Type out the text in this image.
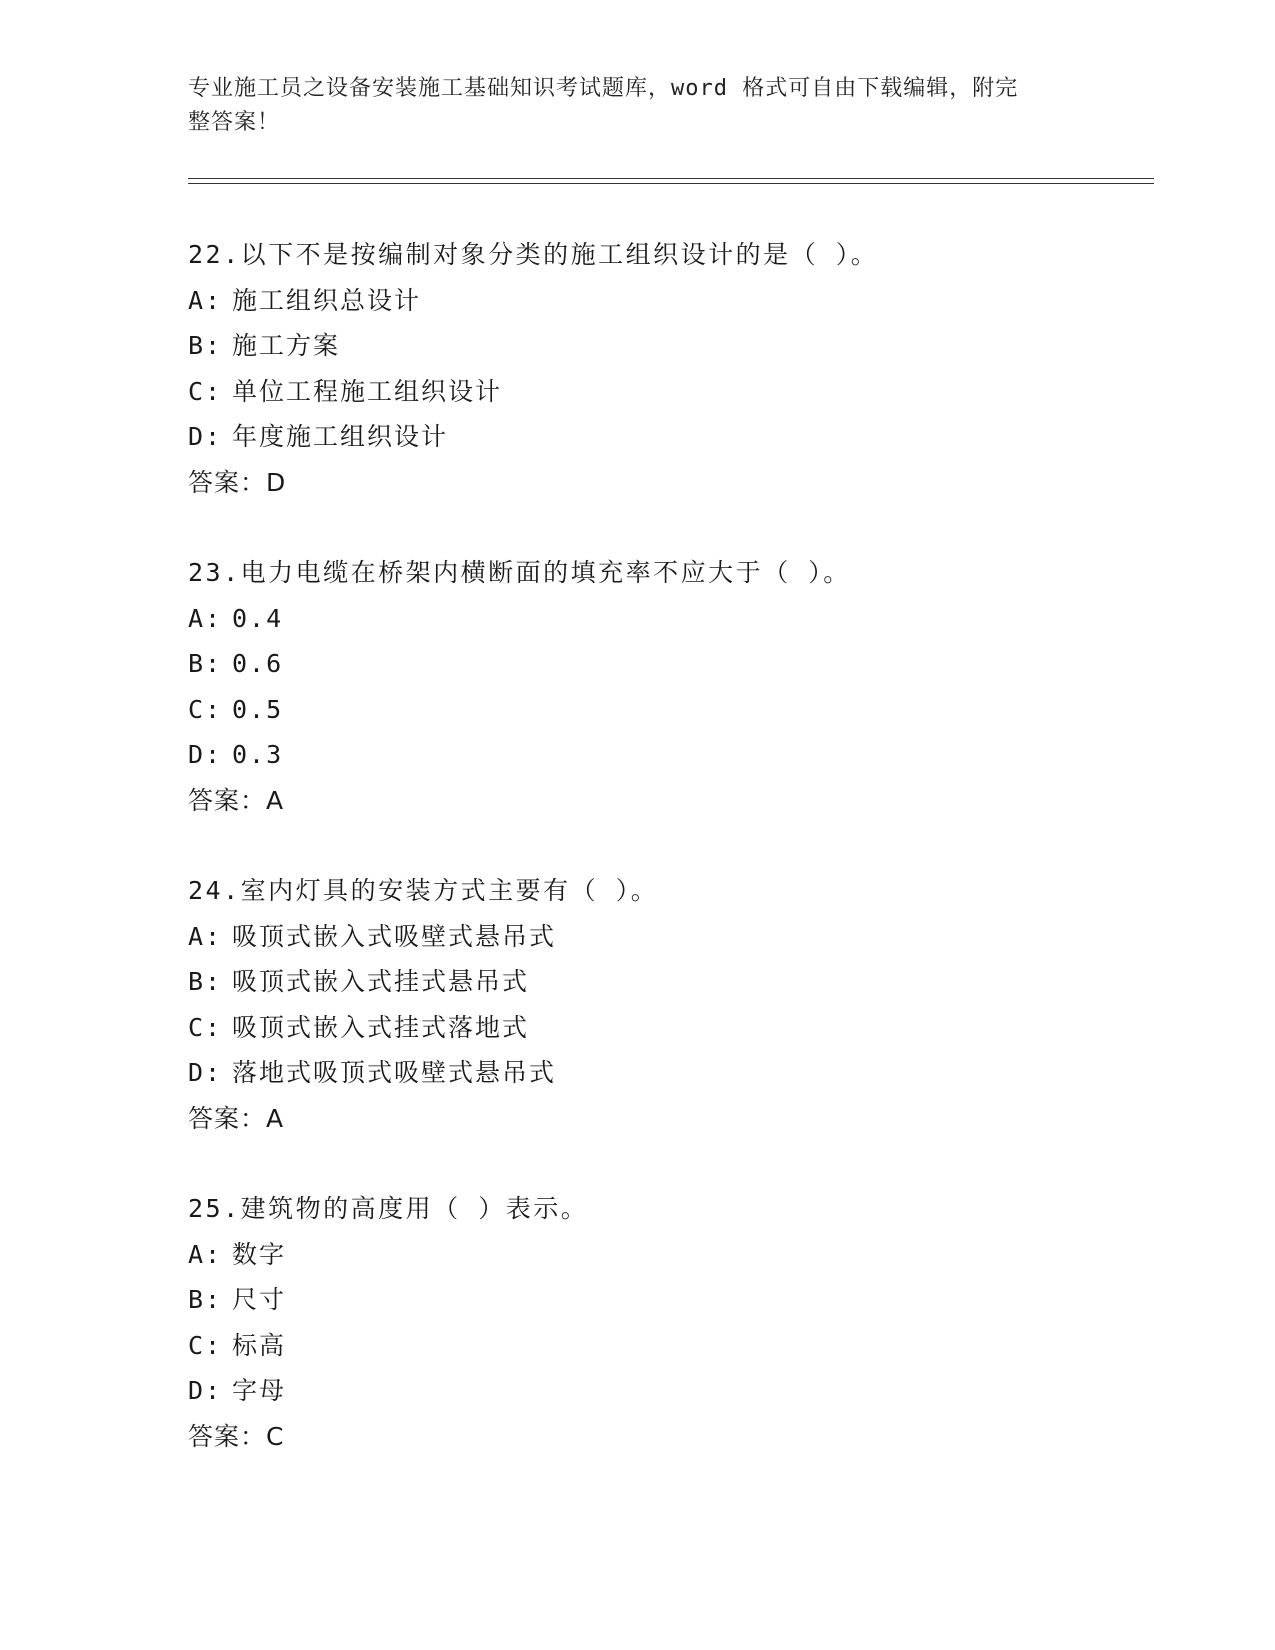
专业施工员之设备安装施工基础知识考试题库，word 格式可自由下载编辑，附完
整答案！
22.以下不是按编制对象分类的施工组织设计的是（ ）。
A: 施工组织总设计
B: 施工方案
C: 单位工程施工组织设计
D: 年度施工组织设计
答案：D
23.电力电缆在桥架内横断面的填充率不应大于（ ）。
A: 0.4
B: 0.6
C: 0.5
D: 0.3
答案：A
24.室内灯具的安装方式主要有（ ）。
A: 吸顶式嵌入式吸壁式悬吊式
B: 吸顶式嵌入式挂式悬吊式
C: 吸顶式嵌入式挂式落地式
D: 落地式吸顶式吸壁式悬吊式
答案：A
25.建筑物的高度用（ ）表示。
A: 数字
B: 尺寸
C: 标高
D: 字母
答案：C
